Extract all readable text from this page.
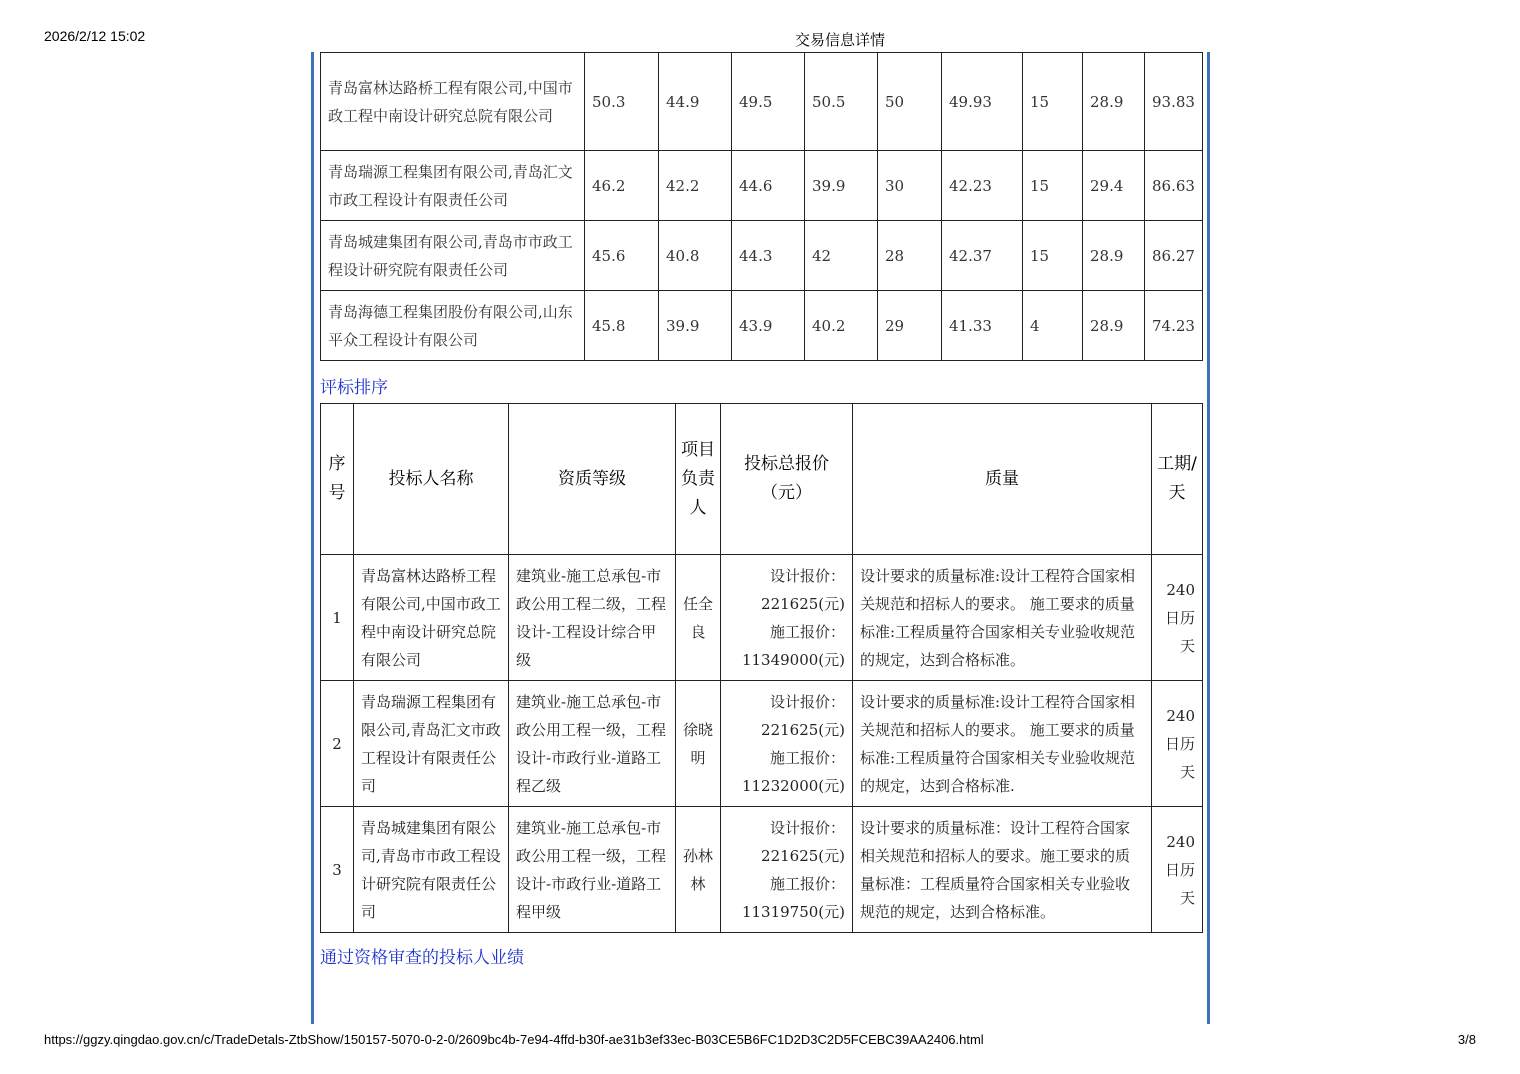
2026/2/12 15:02	交易信息详情
青岛富林达路桥工程有限公司,中国市政工程中南设计研究总院有限公司	50.3	44.9	49.5	50.5	50	49.93	15	28.9	93.83
青岛瑞源工程集团有限公司,青岛汇文市政工程设计有限责任公司	46.2	42.2	44.6	39.9	30	42.23	15	29.4	86.63
青岛城建集团有限公司,青岛市市政工程设计研究院有限责任公司	45.6	40.8	44.3	42	28	42.37	15	28.9	86.27
青岛海德工程集团股份有限公司,山东平众工程设计有限公司	45.8	39.9	43.9	40.2	29	41.33	4	28.9	74.23
评标排序
序号	投标人名称	资质等级	项目负责人	投标总报价（元）	质量	工期/天
1	青岛富林达路桥工程有限公司,中国市政工程中南设计研究总院有限公司	建筑业-施工总承包-市政公用工程二级，工程设计-工程设计综合甲级	任全良	设计报价：
221625(元)
施工报价：
11349000(元)	设计要求的质量标准:设计工程符合国家相关规范和招标人的要求。 施工要求的质量标准:工程质量符合国家相关专业验收规范的规定，达到合格标准。	240日历天
2	青岛瑞源工程集团有限公司,青岛汇文市政工程设计有限责任公司	建筑业-施工总承包-市政公用工程一级，工程设计-市政行业-道路工程乙级	徐晓明	设计报价：
221625(元)
施工报价：
11232000(元)	设计要求的质量标准:设计工程符合国家相关规范和招标人的要求。 施工要求的质量标准:工程质量符合国家相关专业验收规范的规定，达到合格标准.	240日历天
3	青岛城建集团有限公司,青岛市市政工程设计研究院有限责任公司	建筑业-施工总承包-市政公用工程一级，工程设计-市政行业-道路工程甲级	孙林林	设计报价：
221625(元)
施工报价：
11319750(元)	设计要求的质量标准：设计工程符合国家相关规范和招标人的要求。施工要求的质量标准：工程质量符合国家相关专业验收规范的规定，达到合格标准。	240日历天
通过资格审查的投标人业绩
https://ggzy.qingdao.gov.cn/c/TradeDetals-ZtbShow/150157-5070-0-2-0/2609bc4b-7e94-4ffd-b30f-ae31b3ef33ec-B03CE5B6FC1D2D3C2D5FCEBC39AA2406.html	3/8
